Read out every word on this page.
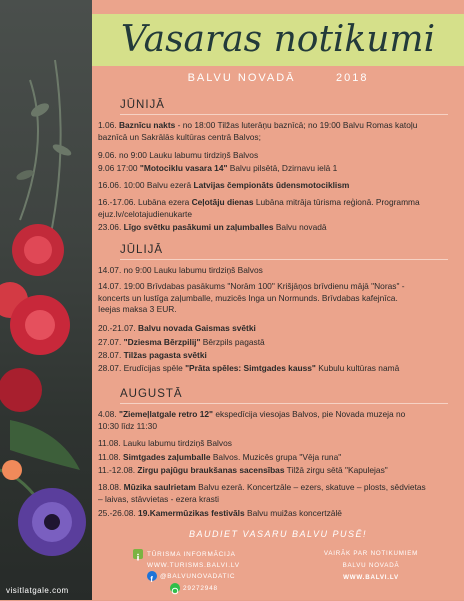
Vasaras notikumi
BALVU NOVADĀ        2018
JŪNIJĀ
1.06. Baznīcu nakts - no 18:00 Tilžas luterāņu baznīcā; no 19:00 Balvu Romas katoļu
baznīcā un Sakrālās kultūras centrā Balvos;
9.06. no 9:00 Lauku labumu tirdziņš Balvos
9.06 17:00 "Motociklu vasara 14" Balvu pilsētā, Dzirnavu ielā 1
16.06. 10:00 Balvu ezerā Latvijas čempionāts ūdensmotociklism
16.-17.06. Lubāna ezera Ceļotāju dienas Lubāna mitrāja tūrisma reģionā. Programma
ejuz.lv/celotajudienukarte
23.06. Līgo svētku pasākumi un zaļumballes Balvu novadā
JŪLIJĀ
14.07. no 9:00 Lauku labumu tirdziņš Balvos
14.07. 19:00 Brīvdabas pasākums "Norām 100" Krišjāņos brīvdienu mājā "Noras" -
koncerts un lustīga zaļumballe, muzicēs Inga un Normunds. Brīvdabas kafejnīca.
Ieejas maksa 3 EUR.
20.-21.07. Balvu novada Gaismas svētki
27.07. "Dziesma Bērzpilij" Bērzpils pagastā
28.07. Tilžas pagasta svētki
28.07. Erudīcijas spēle "Prāta spēles: Simtgades kauss" Kubulu kultūras namā
AUGUSTĀ
4.08. "Ziemeļlatgale retro 12" ekspedīcija viesojas Balvos, pie Novada muzeja no
10:30 līdz 11:30
11.08. Lauku labumu tirdziņš Balvos
11.08. Simtgades zaļumballe Balvos. Muzicēs grupa "Vēja runa"
11.-12.08. Zirgu pajūgu braukšanas sacensības Tilžā zirgu sētā "Kapulejas"
18.08. Mūzika saulrietam Balvu ezerā. Koncertzāle – ezers, skatuve – plosts, sēdvietas
– laivas, stāvvietas - ezera krasti
25.-26.08. 19.Kamermūzikas festivāls Balvu muižas koncertzālē
BAUDIET VASARU BALVU PUSĒ!
TŪRISMA INFORMĀCIJA
WWW.TURISMS.BALVI.LV
f @BALVUNOVADATIC
29272948
VAIRĀK PAR NOTIKUMIEM
BALVU NOVADĀ
WWW.BALVI.LV
visitlatgale.com
